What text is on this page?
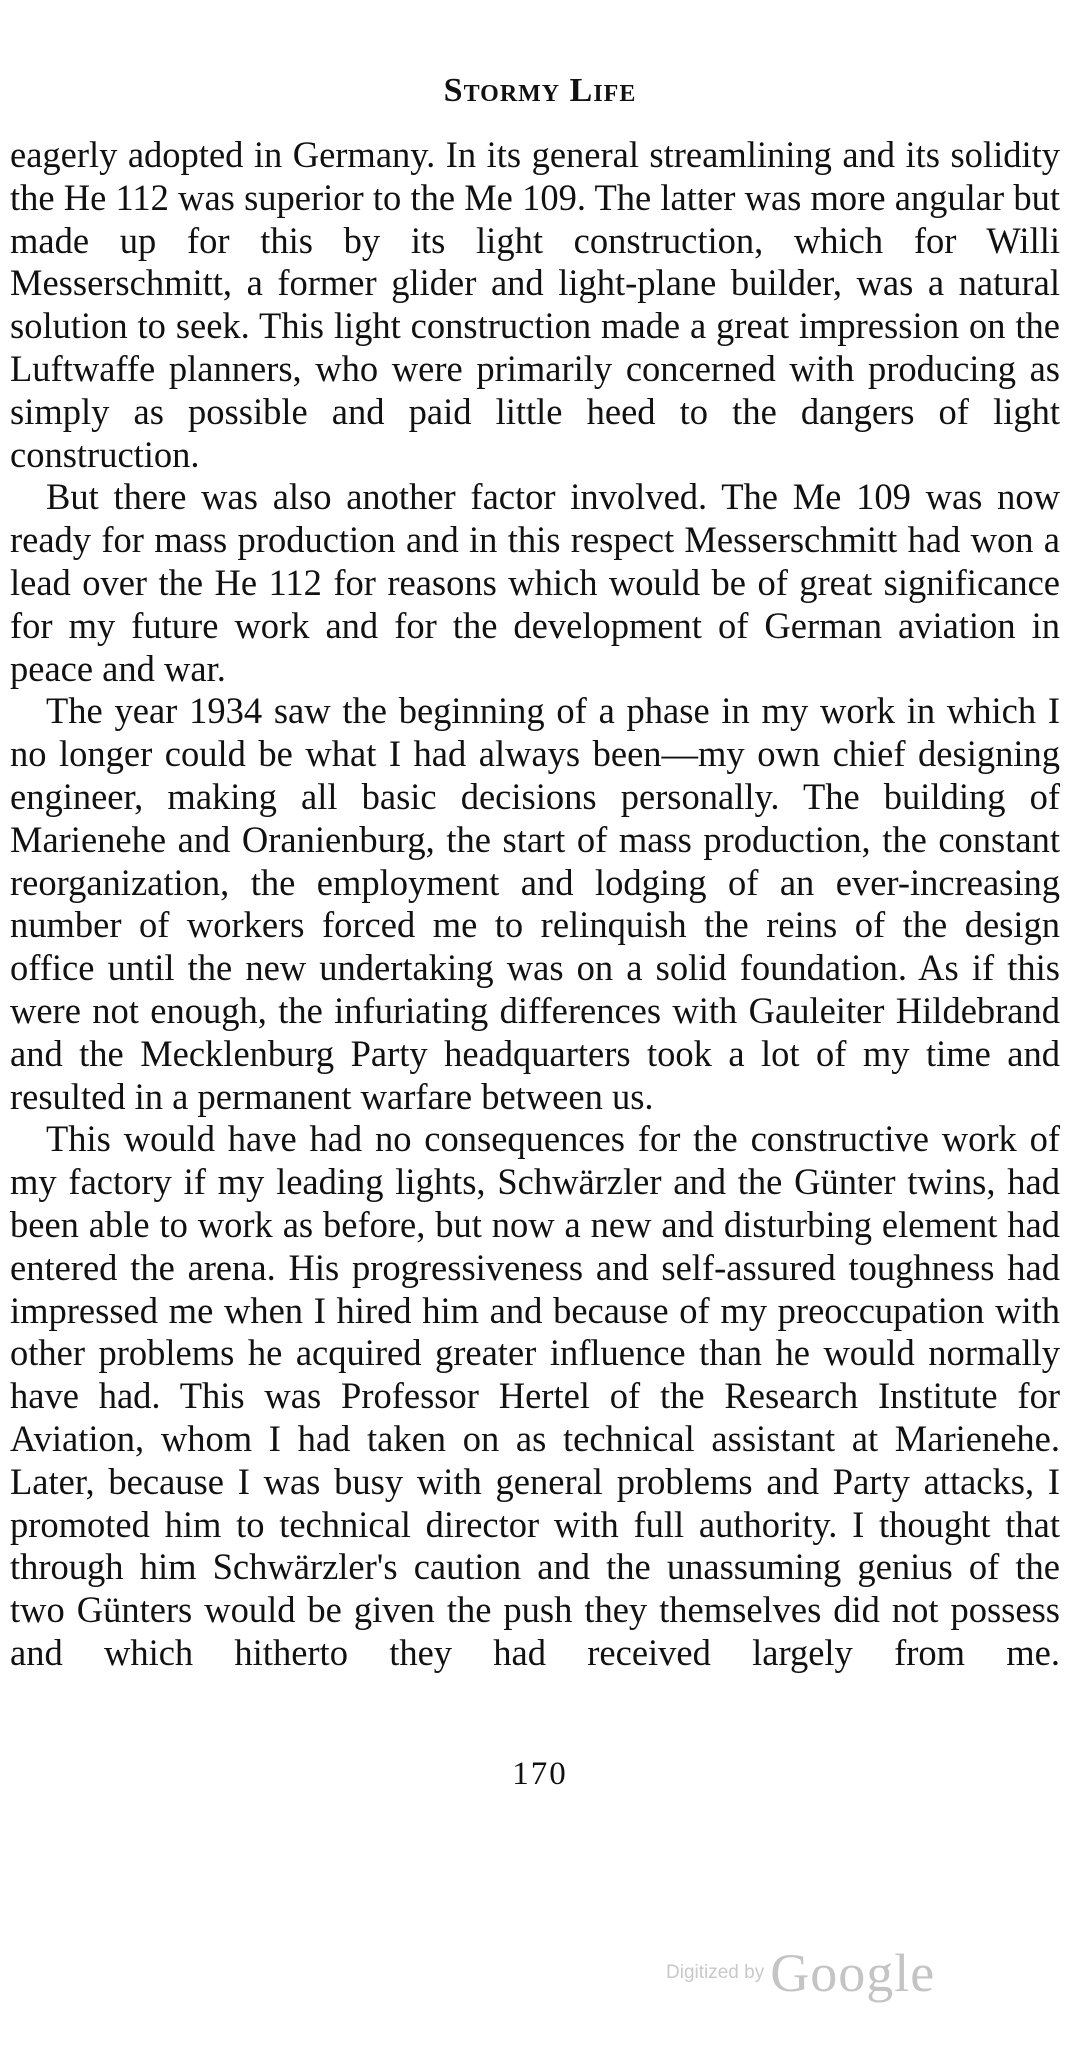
Stormy Life

eagerly adopted in Germany. In its general streamlining and its solidity the He 112 was superior to the Me 109. The latter was more angular but made up for this by its light construction, which for Willi Messerschmitt, a former glider and light-plane builder, was a natural solution to seek. This light construction made a great impression on the Luftwaffe planners, who were primarily concerned with producing as simply as possible and paid little heed to the dangers of light construction.

But there was also another factor involved. The Me 109 was now ready for mass production and in this respect Messerschmitt had won a lead over the He 112 for reasons which would be of great significance for my future work and for the development of German aviation in peace and war.

The year 1934 saw the beginning of a phase in my work in which I no longer could be what I had always been—my own chief designing engineer, making all basic decisions personally. The building of Marienehe and Oranienburg, the start of mass production, the constant reorganization, the employment and lodging of an ever-increasing number of workers forced me to relinquish the reins of the design office until the new undertaking was on a solid foundation. As if this were not enough, the infuriating differences with Gauleiter Hildebrand and the Mecklenburg Party headquarters took a lot of my time and resulted in a permanent warfare between us.

This would have had no consequences for the constructive work of my factory if my leading lights, Schwärzler and the Günter twins, had been able to work as before, but now a new and disturbing element had entered the arena. His progressiveness and self-assured toughness had impressed me when I hired him and because of my preoccupation with other problems he acquired greater influence than he would normally have had. This was Professor Hertel of the Research Institute for Aviation, whom I had taken on as technical assistant at Marienehe. Later, because I was busy with general problems and Party attacks, I promoted him to technical director with full authority. I thought that through him Schwärzler's caution and the unassuming genius of the two Günters would be given the push they themselves did not possess and which hitherto they had received largely from me.

170
Digitized by Google
